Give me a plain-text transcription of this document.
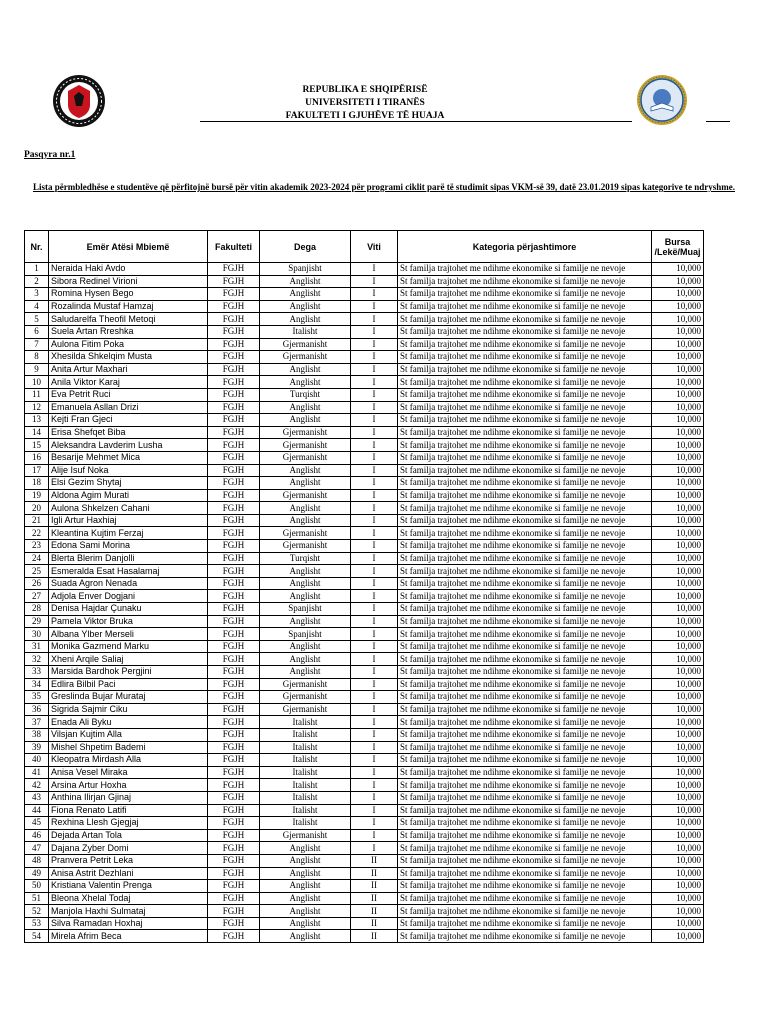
REPUBLIKA E SHQIPËRISË
UNIVERSITETI I TIRANËS
FAKULTETI I GJUHËVE TË HUAJA
Pasqyra nr.1
Lista përmbledhëse e studentëve që përfitojnë bursë për vitin akademik 2023-2024 për programi ciklit parë të studimit sipas VKM-së 39, datë 23.01.2019 sipas kategorive te ndryshme.
Nr.	Emër Atësi Mbiemë	Fakulteti	Dega	Viti	Kategoria përjashtimore	Bursa
/Lekë/Muaj

1	Neraida Haki Avdo	FGJH	Spanjisht	I	St familja trajtohet me ndihme ekonomike si familje ne nevoje	10,000
2	Sibora Redinel Virioni	FGJH	Anglisht	I	St familja trajtohet me ndihme ekonomike si familje ne nevoje	10,000
3	Romina Hysen Bego	FGJH	Anglisht	I	St familja trajtohet me ndihme ekonomike si familje ne nevoje	10,000
4	Rozalinda Mustaf Hamzaj	FGJH	Anglisht	I	St familja trajtohet me ndihme ekonomike si familje ne nevoje	10,000
5	Saludarelfa Theofil Metoqi	FGJH	Anglisht	I	St familja trajtohet me ndihme ekonomike si familje ne nevoje	10,000
6	Suela Artan Rreshka	FGJH	Italisht	I	St familja trajtohet me ndihme ekonomike si familje ne nevoje	10,000
7	Aulona Fitim Poka	FGJH	Gjermanisht	I	St familja trajtohet me ndihme ekonomike si familje ne nevoje	10,000
8	Xhesilda Shkelqim Musta	FGJH	Gjermanisht	I	St familja trajtohet me ndihme ekonomike si familje ne nevoje	10,000
9	Anita Artur Maxhari	FGJH	Anglisht	I	St familja trajtohet me ndihme ekonomike si familje ne nevoje	10,000
10	Anila Viktor Karaj	FGJH	Anglisht	I	St familja trajtohet me ndihme ekonomike si familje ne nevoje	10,000
11	Eva Petrit Ruci	FGJH	Turqisht	I	St familja trajtohet me ndihme ekonomike si familje ne nevoje	10,000
12	Emanuela Asllan Drizi	FGJH	Anglisht	I	St familja trajtohet me ndihme ekonomike si familje ne nevoje	10,000
13	Kejti Fran Gjeci	FGJH	Anglisht	I	St familja trajtohet me ndihme ekonomike si familje ne nevoje	10,000
14	Erisa Shefqet Biba	FGJH	Gjermanisht	I	St familja trajtohet me ndihme ekonomike si familje ne nevoje	10,000
15	Aleksandra Lavderim Lusha	FGJH	Gjermanisht	I	St familja trajtohet me ndihme ekonomike si familje ne nevoje	10,000
16	Besarije Mehmet Mica	FGJH	Gjermanisht	I	St familja trajtohet me ndihme ekonomike si familje ne nevoje	10,000
17	Alije Isuf Noka	FGJH	Anglisht	I	St familja trajtohet me ndihme ekonomike si familje ne nevoje	10,000
18	Elsi Gezim Shytaj	FGJH	Anglisht	I	St familja trajtohet me ndihme ekonomike si familje ne nevoje	10,000
19	Aldona Agim Murati	FGJH	Gjermanisht	I	St familja trajtohet me ndihme ekonomike si familje ne nevoje	10,000
20	Aulona Shkelzen Cahani	FGJH	Anglisht	I	St familja trajtohet me ndihme ekonomike si familje ne nevoje	10,000
21	Igli Artur Haxhiaj	FGJH	Anglisht	I	St familja trajtohet me ndihme ekonomike si familje ne nevoje	10,000
22	Kleantina Kujtim Ferzaj	FGJH	Gjermanisht	I	St familja trajtohet me ndihme ekonomike si familje ne nevoje	10,000
23	Edona Sami Morina	FGJH	Gjermanisht	I	St familja trajtohet me ndihme ekonomike si familje ne nevoje	10,000
24	Blerta Blerim Danjolli	FGJH	Turqisht	I	St familja trajtohet me ndihme ekonomike si familje ne nevoje	10,000
25	Esmeralda Esat Hasalamaj	FGJH	Anglisht	I	St familja trajtohet me ndihme ekonomike si familje ne nevoje	10,000
26	Suada Agron Nenada	FGJH	Anglisht	I	St familja trajtohet me ndihme ekonomike si familje ne nevoje	10,000
27	Adjola Enver Dogjani	FGJH	Anglisht	I	St familja trajtohet me ndihme ekonomike si familje ne nevoje	10,000
28	Denisa Hajdar Çunaku	FGJH	Spanjisht	I	St familja trajtohet me ndihme ekonomike si familje ne nevoje	10,000
29	Pamela Viktor Bruka	FGJH	Anglisht	I	St familja trajtohet me ndihme ekonomike si familje ne nevoje	10,000
30	Albana Ylber Merseli	FGJH	Spanjisht	I	St familja trajtohet me ndihme ekonomike si familje ne nevoje	10,000
31	Monika Gazmend Marku	FGJH	Anglisht	I	St familja trajtohet me ndihme ekonomike si familje ne nevoje	10,000
32	Xheni Arqile Saliaj	FGJH	Anglisht	I	St familja trajtohet me ndihme ekonomike si familje ne nevoje	10,000
33	Marsida Bardhok Pergjini	FGJH	Anglisht	I	St familja trajtohet me ndihme ekonomike si familje ne nevoje	10,000
34	Edlira Bilbil Paci	FGJH	Gjermanisht	I	St familja trajtohet me ndihme ekonomike si familje ne nevoje	10,000
35	Greslinda Bujar Murataj	FGJH	Gjermanisht	I	St familja trajtohet me ndihme ekonomike si familje ne nevoje	10,000
36	Sigrida Sajmir Ciku	FGJH	Gjermanisht	I	St familja trajtohet me ndihme ekonomike si familje ne nevoje	10,000
37	Enada Ali Byku	FGJH	Italisht	I	St familja trajtohet me ndihme ekonomike si familje ne nevoje	10,000
38	Vilsjan Kujtim Alla	FGJH	Italisht	I	St familja trajtohet me ndihme ekonomike si familje ne nevoje	10,000
39	Mishel Shpetim Bademi	FGJH	Italisht	I	St familja trajtohet me ndihme ekonomike si familje ne nevoje	10,000
40	Kleopatra Mirdash Alla	FGJH	Italisht	I	St familja trajtohet me ndihme ekonomike si familje ne nevoje	10,000
41	Anisa Vesel Miraka	FGJH	Italisht	I	St familja trajtohet me ndihme ekonomike si familje ne nevoje	10,000
42	Arsina Artur Hoxha	FGJH	Italisht	I	St familja trajtohet me ndihme ekonomike si familje ne nevoje	10,000
43	Anthina Ilirjan Gjinaj	FGJH	Italisht	I	St familja trajtohet me ndihme ekonomike si familje ne nevoje	10,000
44	Fiona Renato Latifi	FGJH	Italisht	I	St familja trajtohet me ndihme ekonomike si familje ne nevoje	10,000
45	Rexhina Llesh Gjegjaj	FGJH	Italisht	I	St familja trajtohet me ndihme ekonomike si familje ne nevoje	10,000
46	Dejada Artan Tola	FGJH	Gjermanisht	I	St familja trajtohet me ndihme ekonomike si familje ne nevoje	10,000
47	Dajana Zyber Domi	FGJH	Anglisht	I	St familja trajtohet me ndihme ekonomike si familje ne nevoje	10,000
48	Pranvera Petrit Leka	FGJH	Anglisht	II	St familja trajtohet me ndihme ekonomike si familje ne nevoje	10,000
49	Anisa Astrit Dezhlani	FGJH	Anglisht	II	St familja trajtohet me ndihme ekonomike si familje ne nevoje	10,000
50	Kristiana Valentin Prenga	FGJH	Anglisht	II	St familja trajtohet me ndihme ekonomike si familje ne nevoje	10,000
51	Bleona Xhelal Todaj	FGJH	Anglisht	II	St familja trajtohet me ndihme ekonomike si familje ne nevoje	10,000
52	Manjola Haxhi Sulmataj	FGJH	Anglisht	II	St familja trajtohet me ndihme ekonomike si familje ne nevoje	10,000
53	Silva Ramadan Hoxhaj	FGJH	Anglisht	II	St familja trajtohet me ndihme ekonomike si familje ne nevoje	10,000
54	Mirela Afrim Beca	FGJH	Anglisht	II	St familja trajtohet me ndihme ekonomike si familje ne nevoje	10,000
